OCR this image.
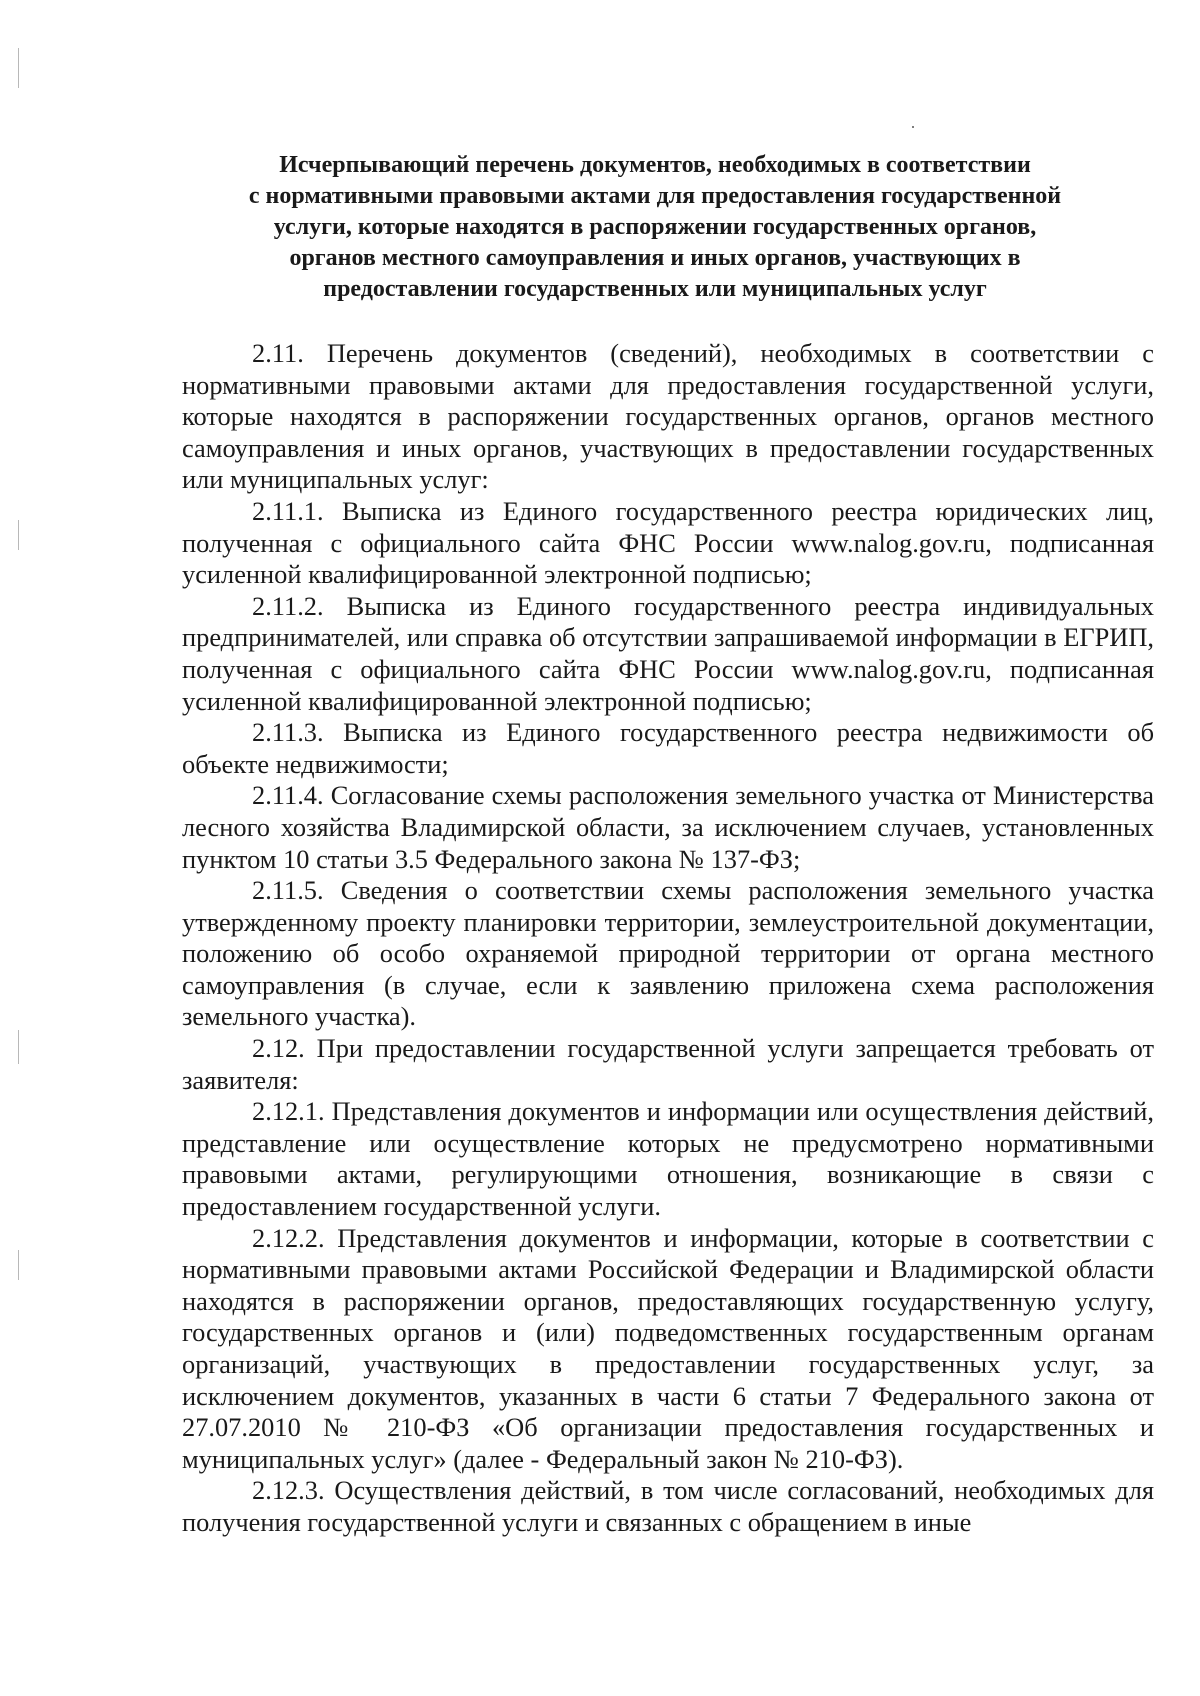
Исчерпывающий перечень документов, необходимых в соответствии
с нормативными правовыми актами для предоставления государственной
услуги, которые находятся в распоряжении государственных органов,
органов местного самоуправления и иных органов, участвующих в
предоставлении государственных или муниципальных услуг

2.11. Перечень документов (сведений), необходимых в соответствии с нормативными правовыми актами для предоставления государственной услуги, которые находятся в распоряжении государственных органов, органов местного самоуправления и иных органов, участвующих в предоставлении государственных или муниципальных услуг:

2.11.1. Выписка из Единого государственного реестра юридических лиц, полученная с официального сайта ФНС России www.nalog.gov.ru, подписанная усиленной квалифицированной электронной подписью;

2.11.2. Выписка из Единого государственного реестра индивидуальных предпринимателей, или справка об отсутствии запрашиваемой информации в ЕГРИП, полученная с официального сайта ФНС России www.nalog.gov.ru, подписанная усиленной квалифицированной электронной подписью;

2.11.3. Выписка из Единого государственного реестра недвижимости об объекте недвижимости;

2.11.4. Согласование схемы расположения земельного участка от Министерства лесного хозяйства Владимирской области, за исключением случаев, установленных пунктом 10 статьи 3.5 Федерального закона № 137-ФЗ;

2.11.5. Сведения о соответствии схемы расположения земельного участка утвержденному проекту планировки территории, землеустроительной документации, положению об особо охраняемой природной территории от органа местного самоуправления (в случае, если к заявлению приложена схема расположения земельного участка).

2.12. При предоставлении государственной услуги запрещается требовать от заявителя:

2.12.1. Представления документов и информации или осуществления действий, представление или осуществление которых не предусмотрено нормативными правовыми актами, регулирующими отношения, возникающие в связи с предоставлением государственной услуги.

2.12.2. Представления документов и информации, которые в соответствии с нормативными правовыми актами Российской Федерации и Владимирской области находятся в распоряжении органов, предоставляющих государственную услугу, государственных органов и (или) подведомственных государственным органам организаций, участвующих в предоставлении государственных услуг, за исключением документов, указанных в части 6 статьи 7 Федерального закона от 27.07.2010 № 210-ФЗ «Об организации предоставления государственных и муниципальных услуг» (далее - Федеральный закон № 210-ФЗ).

2.12.3. Осуществления действий, в том числе согласований, необходимых для получения государственной услуги и связанных с обращением в иные
